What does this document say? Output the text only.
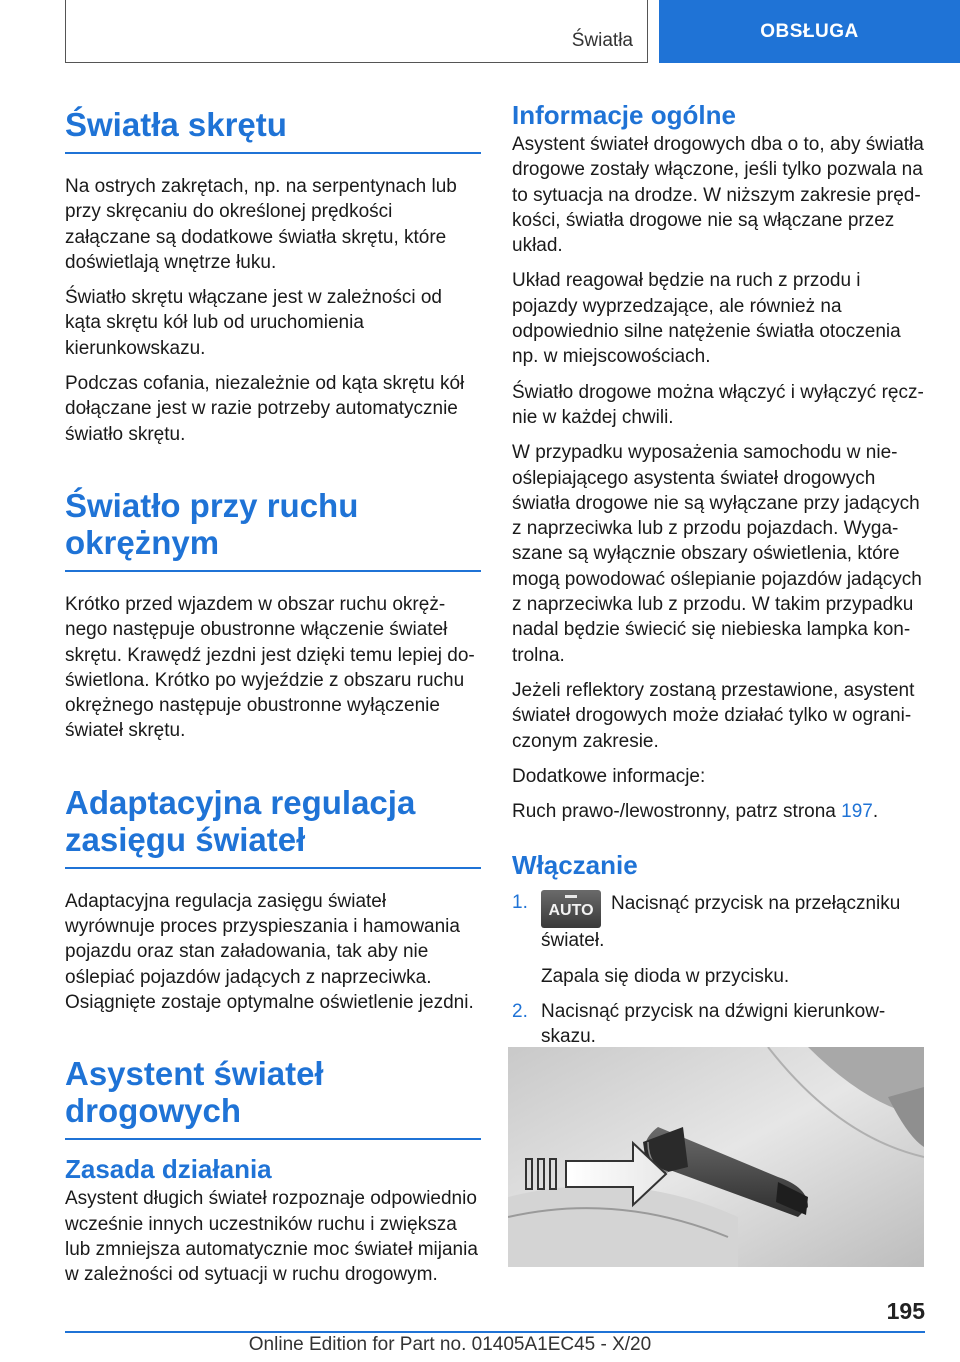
Światła	OBSŁUGA
Światła skrętu

Na ostrych zakrętach, np. na serpentynach lub przy skręcaniu do określonej prędkości załączane są dodatkowe światła skrętu, które doświetlają wnętrze łuku.

Światło skrętu włączane jest w zależności od kąta skrętu kół lub od uruchomienia kierunkowskazu.

Podczas cofania, niezależnie od kąta skrętu kół dołączane jest w razie potrzeby automatycznie światło skrętu.

Światło przy ruchu
okrężnym

Krótko przed wjazdem w obszar ruchu okrężnego następuje obustronne włączenie świateł skrętu. Krawędź jezdni jest dzięki temu lepiej doświetlona. Krótko po wyjeździe z obszaru ruchu okrężnego następuje obustronne wyłączenie świateł skrętu.

Adaptacyjna regulacja
zasięgu świateł

Adaptacyjna regulacja zasięgu świateł wyrównuje proces przyspieszania i hamowania pojazdu oraz stan załadowania, tak aby nie oślepiać pojazdów jadących z naprzeciwka. Osiągnięte zostaje optymalne oświetlenie jezdni.

Asystent świateł
drogowych
Zasada działania

Asystent długich świateł rozpoznaje odpowiednio wcześnie innych uczestników ruchu i zwiększa lub zmniejsza automatycznie moc świateł mijania w zależności od sytuacji w ruchu drogowym.

Informacje ogólne

Asystent świateł drogowych dba o to, aby światła drogowe zostały włączone, jeśli tylko pozwala na to sytuacja na drodze. W niższym zakresie prędkości, światła drogowe nie są włączane przez układ.

Układ reagował będzie na ruch z przodu i pojazdy wyprzedzające, ale również na odpowiednio silne natężenie światła otoczenia np. w miejscowościach.

Światło drogowe można włączyć i wyłączyć ręcznie w każdej chwili.

W przypadku wyposażenia samochodu w nieoślepiającego asystenta świateł drogowych światła drogowe nie są wyłączane przy jadących z naprzeciwka lub z przodu pojazdach. Wygaszane są wyłącznie obszary oświetlenia, które mogą powodować oślepianie pojazdów jadących z naprzeciwka lub z przodu. W takim przypadku nadal będzie świecić się niebieska lampka kontrolna.

Jeżeli reflektory zostaną przestawione, asystent świateł drogowych może działać tylko w ograniczonym zakresie.

Dodatkowe informacje:

Ruch prawo-/lewostronny, patrz strona 197.

Włączanie
1. AUTO Nacisnąć przycisk na przełączniku świateł.
Zapala się dioda w przycisku.
2. Nacisnąć przycisk na dźwigni kierunkowskazu.
195
Online Edition for Part no. 01405A1EC45 - X/20
